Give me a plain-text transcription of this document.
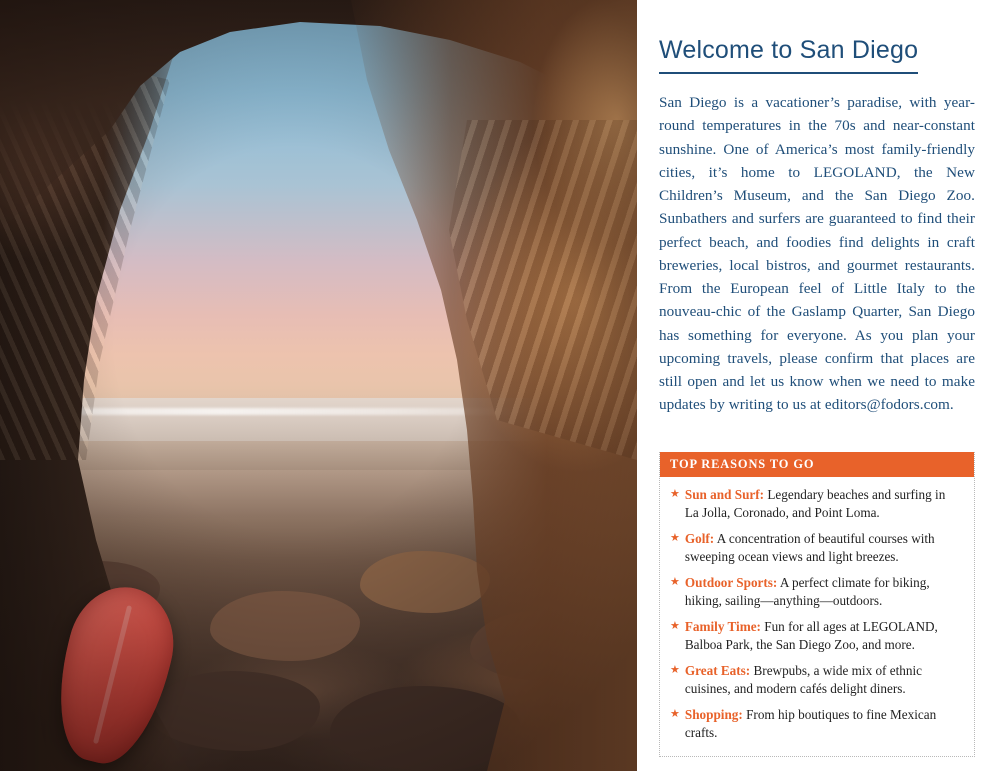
Welcome to San Diego

San Diego is a vacationer’s paradise, with year-round temperatures in the 70s and near-constant sunshine. One of America’s most family-friendly cities, it’s home to LEGOLAND, the New Children’s Museum, and the San Diego Zoo. Sunbathers and surfers are guaranteed to find their perfect beach, and foodies find delights in craft breweries, local bistros, and gourmet restaurants. From the European feel of Little Italy to the nouveau-chic of the Gaslamp Quarter, San Diego has something for everyone. As you plan your upcoming travels, please confirm that places are still open and let us know when we need to make updates by writing to us at editors@fodors.com.

TOP REASONS TO GO
★ Sun and Surf: Legendary beaches and surfing in La Jolla, Coronado, and Point Loma.
★ Golf: A concentration of beautiful courses with sweeping ocean views and light breezes.
★ Outdoor Sports: A perfect climate for biking, hiking, sailing—anything—outdoors.
★ Family Time: Fun for all ages at LEGOLAND, Balboa Park, the San Diego Zoo, and more.
★ Great Eats: Brewpubs, a wide mix of ethnic cuisines, and modern cafés delight diners.
★ Shopping: From hip boutiques to fine Mexican crafts.
